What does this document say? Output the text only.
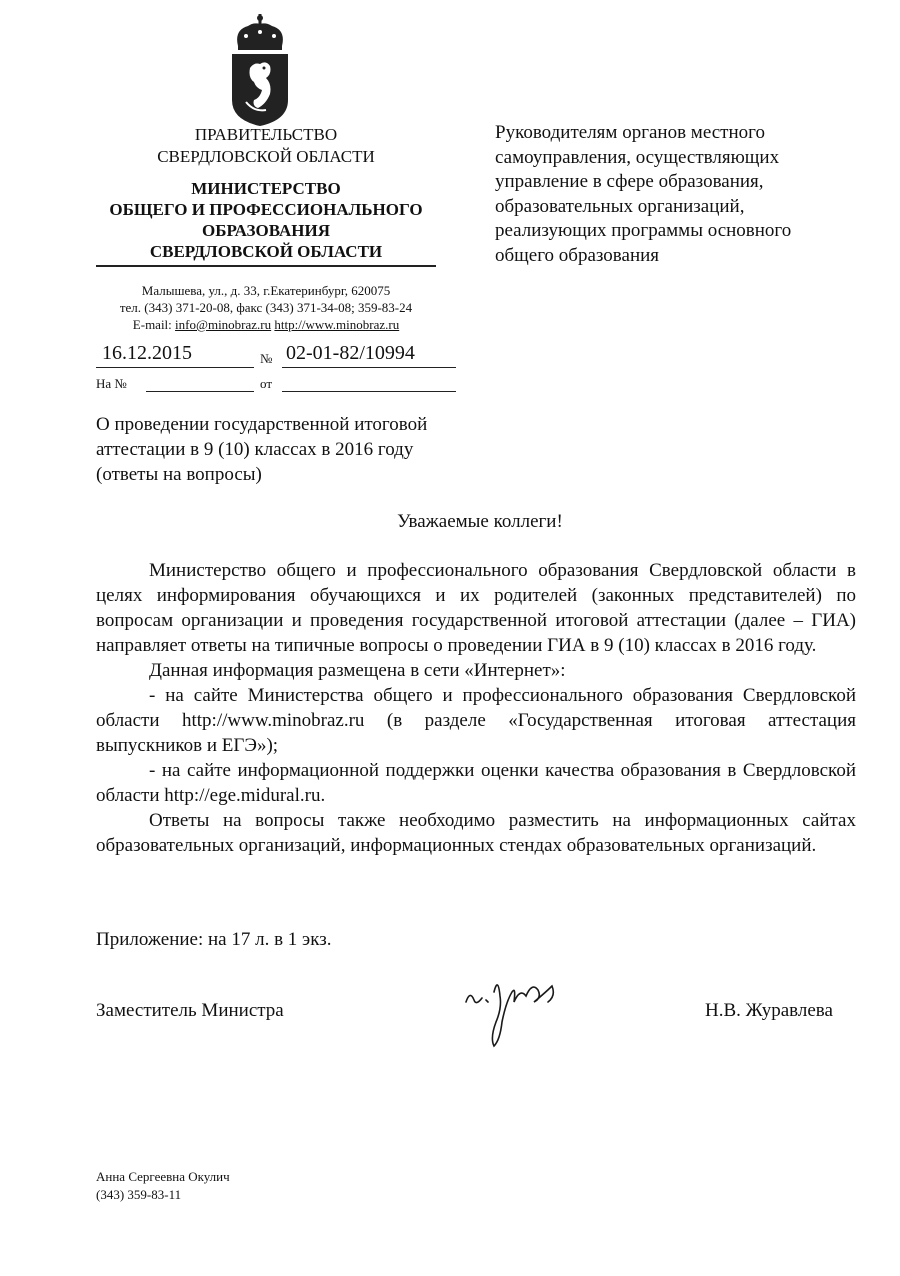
ПРАВИТЕЛЬСТВО
СВЕРДЛОВСКОЙ ОБЛАСТИ
МИНИСТЕРСТВО
ОБЩЕГО И ПРОФЕССИОНАЛЬНОГО
ОБРАЗОВАНИЯ
СВЕРДЛОВСКОЙ ОБЛАСТИ
Малышева, ул., д. 33, г.Екатеринбург, 620075
тел. (343) 371-20-08, факс (343) 371-34-08; 359-83-24
E-mail: info@minobraz.ru http://www.minobraz.ru
Руководителям органов местного
самоуправления, осуществляющих
управление в сфере образования,
образовательных организаций,
реализующих программы основного
общего образования
16.12.2015	№ 02-01-82/10994
На №	от
О проведении государственной итоговой
аттестации в 9 (10) классах в 2016 году
(ответы на вопросы)
Уважаемые коллеги!

Министерство общего и профессионального образования Свердловской области в целях информирования обучающихся и их родителей (законных представителей) по вопросам организации и проведения государственной итоговой аттестации (далее – ГИА) направляет ответы на типичные вопросы о проведении ГИА в 9 (10) классах в 2016 году.

Данная информация размещена в сети «Интернет»:

- на сайте Министерства общего и профессионального образования Свердловской области http://www.minobraz.ru (в разделе «Государственная итоговая аттестация выпускников и ЕГЭ»);

- на сайте информационной поддержки оценки качества образования в Свердловской области http://ege.midural.ru.

Ответы на вопросы также необходимо разместить на информационных сайтах образовательных организаций, информационных стендах образовательных организаций.

Приложение: на 17 л. в 1 экз.
Заместитель Министра	Н.В. Журавлева
Анна Сергеевна Окулич
(343) 359-83-11
